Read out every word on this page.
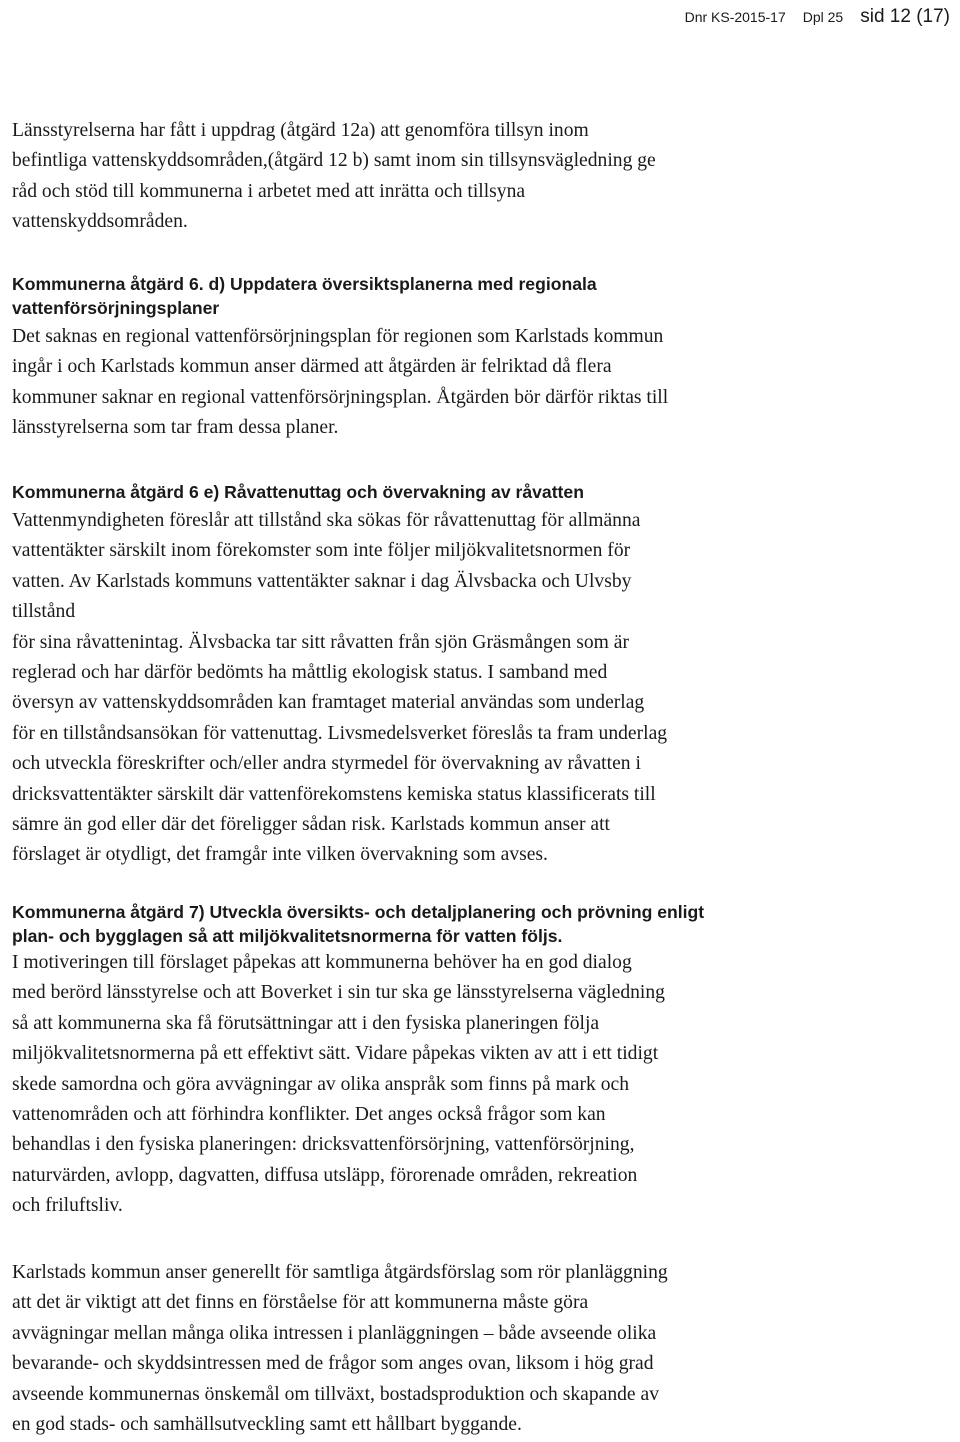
Dnr KS-2015-17 Dpl 25 sid 12 (17)

Länsstyrelserna har fått i uppdrag (åtgärd 12a) att genomföra tillsyn inom
befintliga vattenskyddsområden,(åtgärd 12 b) samt inom sin tillsynsvägledning ge
råd och stöd till kommunerna i arbetet med att inrätta och tillsyna
vattenskyddsområden.

Kommunerna åtgärd 6. d) Uppdatera översiktsplanerna med regionala
vattenförsörjningsplaner

Det saknas en regional vattenförsörjningsplan för regionen som Karlstads kommun
ingår i och Karlstads kommun anser därmed att åtgärden är felriktad då flera
kommuner saknar en regional vattenförsörjningsplan. Åtgärden bör därför riktas till
länsstyrelserna som tar fram dessa planer.

Kommunerna åtgärd 6 e) Råvattenuttag och övervakning av råvatten

Vattenmyndigheten föreslår att tillstånd ska sökas för råvattenuttag för allmänna
vattentäkter särskilt inom förekomster som inte följer miljökvalitetsnormen för
vatten. Av Karlstads kommuns vattentäkter saknar i dag Älvsbacka och Ulvsby
tillstånd
för sina råvattenintag. Älvsbacka tar sitt råvatten från sjön Gräsmången som är
reglerad och har därför bedömts ha måttlig ekologisk status. I samband med
översyn av vattenskyddsområden kan framtaget material användas som underlag
för en tillståndsansökan för vattenuttag. Livsmedelsverket föreslås ta fram underlag
och utveckla föreskrifter och/eller andra styrmedel för övervakning av råvatten i
dricksvattentäkter särskilt där vattenförekomstens kemiska status klassificerats till
sämre än god eller där det föreligger sådan risk. Karlstads kommun anser att
förslaget är otydligt, det framgår inte vilken övervakning som avses.

Kommunerna åtgärd 7) Utveckla översikts- och detaljplanering och prövning enligt
plan- och bygglagen så att miljökvalitetsnormerna för vatten följs.

I motiveringen till förslaget påpekas att kommunerna behöver ha en god dialog
med berörd länsstyrelse och att Boverket i sin tur ska ge länsstyrelserna vägledning
så att kommunerna ska få förutsättningar att i den fysiska planeringen följa
miljökvalitetsnormerna på ett effektivt sätt. Vidare påpekas vikten av att i ett tidigt
skede samordna och göra avvägningar av olika anspråk som finns på mark och
vattenområden och att förhindra konflikter. Det anges också frågor som kan
behandlas i den fysiska planeringen: dricksvattenförsörjning, vattenförsörjning,
naturvärden, avlopp, dagvatten, diffusa utsläpp, förorenade områden, rekreation
och friluftsliv.

Karlstads kommun anser generellt för samtliga åtgärdsförslag som rör planläggning
att det är viktigt att det finns en förståelse för att kommunerna måste göra
avvägningar mellan många olika intressen i planläggningen – både avseende olika
bevarande- och skyddsintressen med de frågor som anges ovan, liksom i hög grad
avseende kommunernas önskemål om tillväxt, bostadsproduktion och skapande av
en god stads- och samhällsutveckling samt ett hållbart byggande.
